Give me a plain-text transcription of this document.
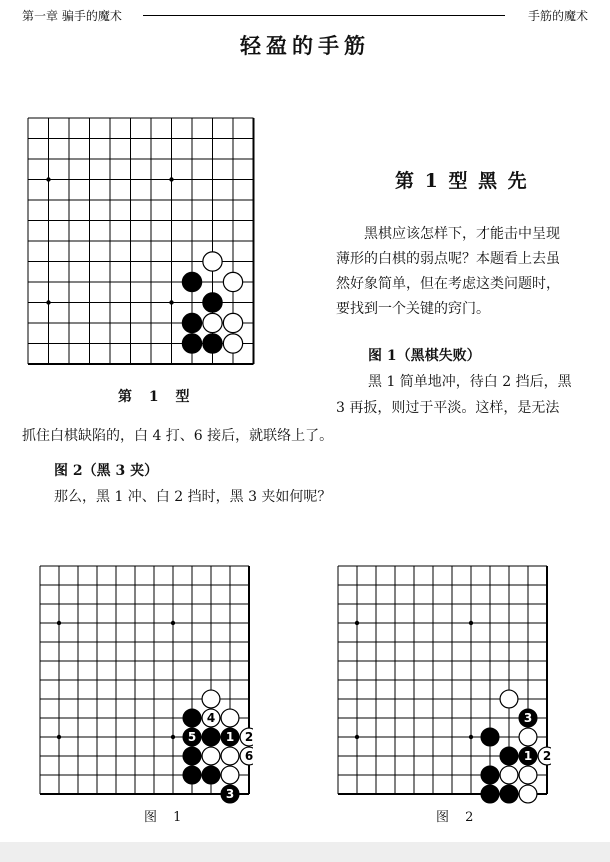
第一章 骗手的魔术	手筋的魔术
轻盈的手筋
第 1 型
第 1 型 黑 先
黑棋应该怎样下，才能击中呈现
薄形的白棋的弱点呢？本题看上去虽
然好象简单，但在考虑这类问题时，
要找到一个关键的窍门。
图 1（黑棋失败）
黑 1 简单地冲，待白 2 挡后，黑
3 再扳，则过于平淡。这样，是无法
抓住白棋缺陷的，白 4 打、6 接后，就联络上了。
图 2（黑 3 夹）
那么，黑 1 冲、白 2 挡时，黑 3 夹如何呢？
4
5 1 2
6
3
图 1
3
1 2
图 2
